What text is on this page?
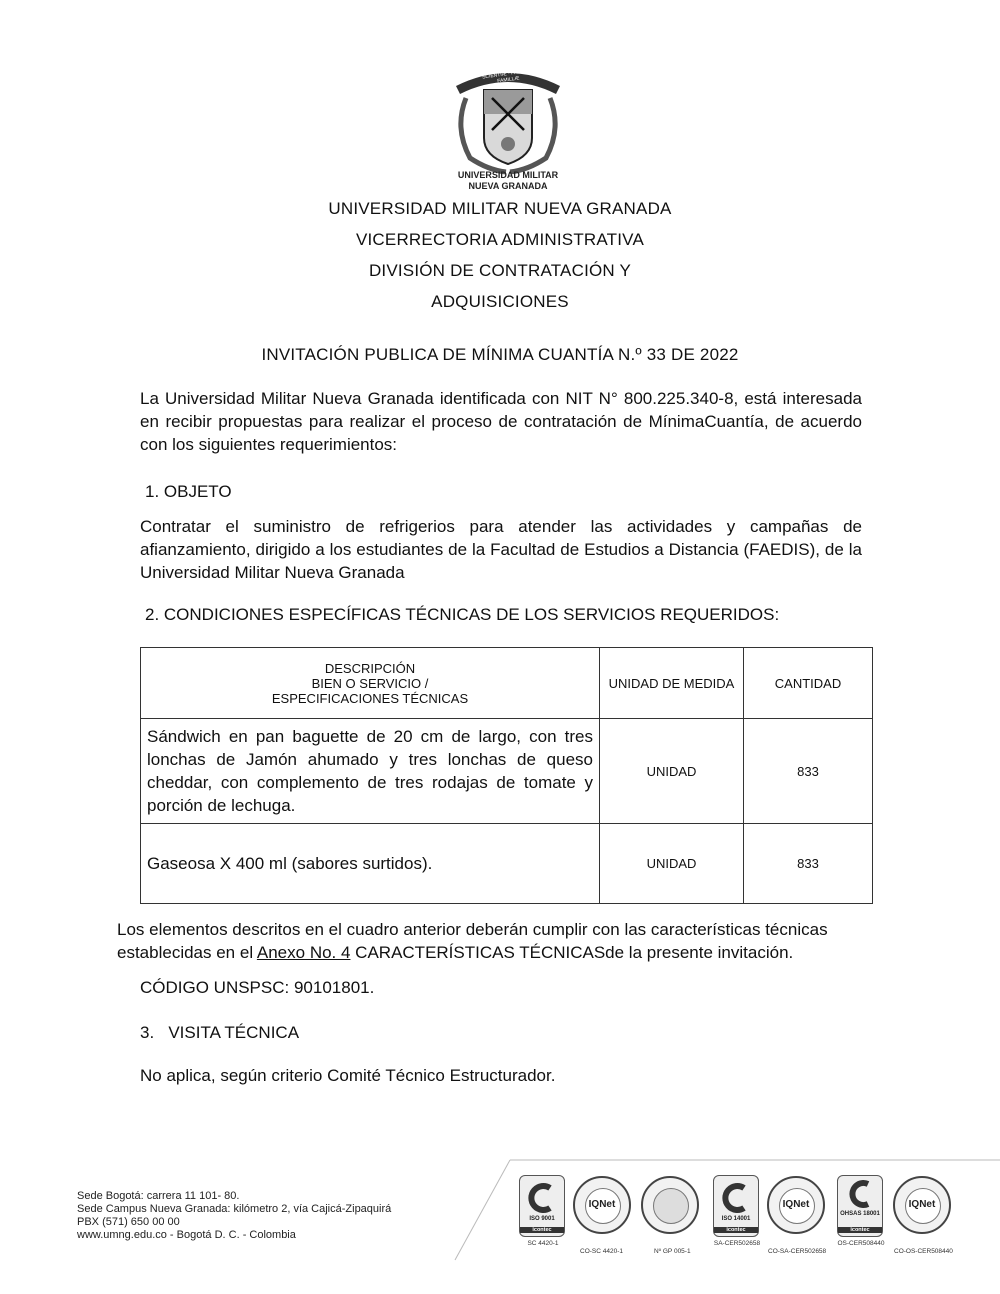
UNIVERSIDAD MILITAR
NUEVA GRANADA
SCIENTIÆ · PATRIÆ · FAMILLÆ
UNIVERSIDAD MILITAR NUEVA GRANADA
VICERRECTORIA ADMINISTRATIVA
DIVISIÓN DE CONTRATACIÓN Y
ADQUISICIONES
INVITACIÓN PUBLICA DE MÍNIMA CUANTÍA N.º 33 DE 2022
La Universidad Militar Nueva Granada identificada con NIT N° 800.225.340-8, está interesada en recibir propuestas para realizar el proceso de contratación de MínimaCuantía, de acuerdo con los siguientes requerimientos:
1. OBJETO
Contratar el suministro de refrigerios para atender las actividades y campañas de afianzamiento, dirigido a los estudiantes de la Facultad de Estudios a Distancia (FAEDIS), de la Universidad Militar Nueva Granada
2. CONDICIONES ESPECÍFICAS TÉCNICAS DE LOS SERVICIOS REQUERIDOS:
DESCRIPCIÓN
BIEN O SERVICIO /
ESPECIFICACIONES TÉCNICAS	UNIDAD DE MEDIDA	CANTIDAD
Sándwich en pan baguette de 20 cm de largo, con tres lonchas de Jamón ahumado y tres lonchas de queso cheddar, con complemento de tres rodajas de tomate y porción de lechuga.	UNIDAD	833
Gaseosa X 400 ml (sabores surtidos).	UNIDAD	833
Los elementos descritos en el cuadro anterior deberán cumplir con las características técnicas
establecidas en el Anexo No. 4 CARACTERÍSTICAS TÉCNICASde la presente invitación.
CÓDIGO UNSPSC: 90101801.
3.   VISITA TÉCNICA
No aplica, según criterio Comité Técnico Estructurador.
Sede Bogotá: carrera 11 101- 80.
Sede Campus Nueva Granada: kilómetro 2, vía Cajicá-Zipaquirá
PBX (571) 650 00 00
www.umng.edu.co - Bogotá D. C. - Colombia
ISO 9001
icontec
SC 4420-1
IQNet
CO-SC 4420-1	Nº GP 005-1
ISO 14001
icontec
SA-CER502658
IQNet
CO-SA-CER502658
OHSAS 18001
icontec
OS-CER508440
IQNet
CO-OS-CER508440
